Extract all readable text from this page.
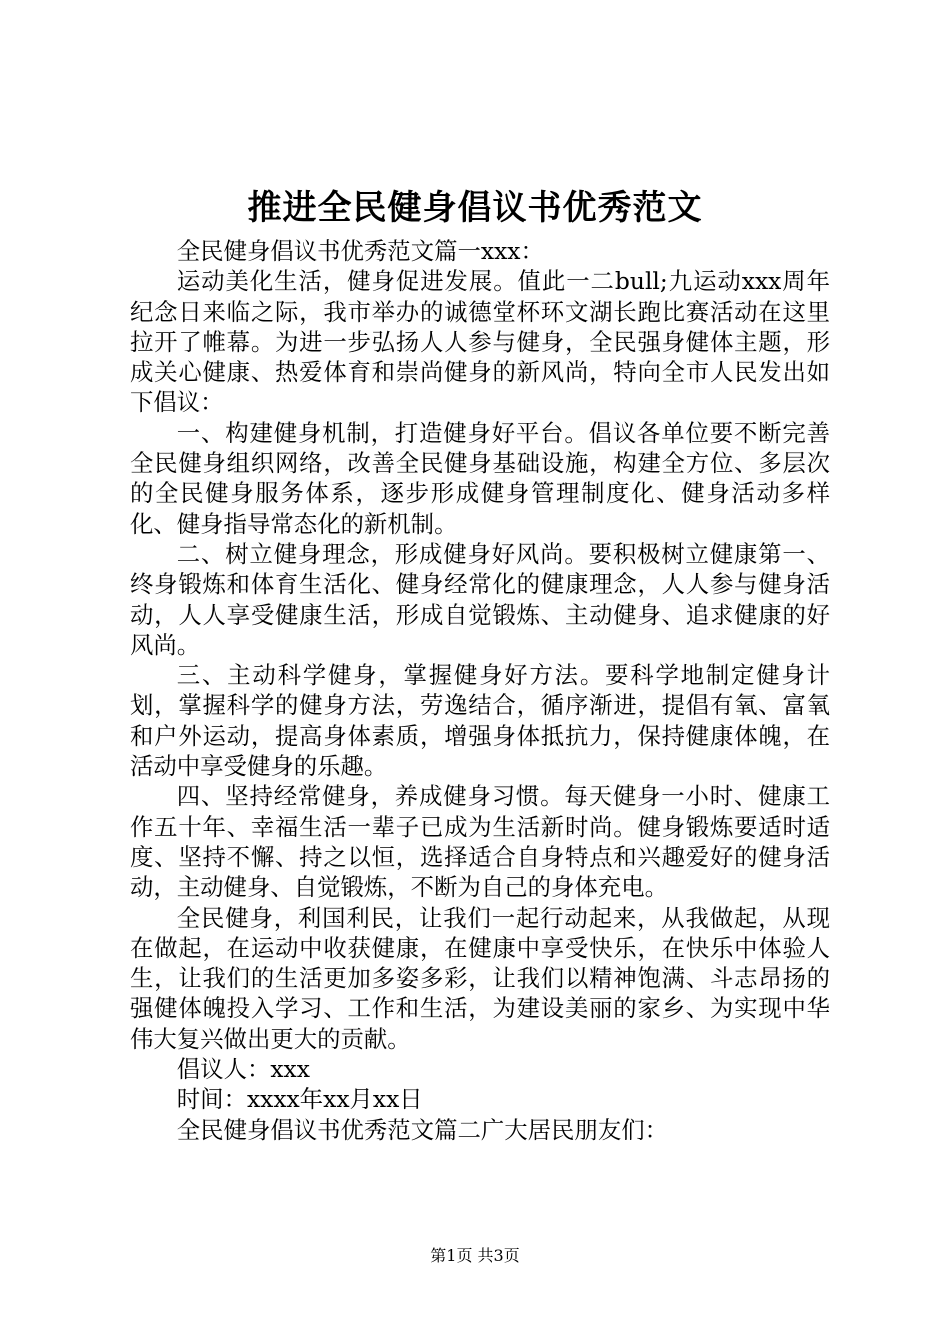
推进全民健身倡议书优秀范文

全民健身倡议书优秀范文篇一xxx：

运动美化生活，健身促进发展。值此一二bull;九运动xxx周年纪念日来临之际，我市举办的诚德堂杯环文湖长跑比赛活动在这里拉开了帷幕。为进一步弘扬人人参与健身，全民强身健体主题，形成关心健康、热爱体育和崇尚健身的新风尚，特向全市人民发出如下倡议：

一、构建健身机制，打造健身好平台。倡议各单位要不断完善全民健身组织网络，改善全民健身基础设施，构建全方位、多层次的全民健身服务体系，逐步形成健身管理制度化、健身活动多样化、健身指导常态化的新机制。

二、树立健身理念，形成健身好风尚。要积极树立健康第一、终身锻炼和体育生活化、健身经常化的健康理念，人人参与健身活动，人人享受健康生活，形成自觉锻炼、主动健身、追求健康的好风尚。

三、主动科学健身，掌握健身好方法。要科学地制定健身计划，掌握科学的健身方法，劳逸结合，循序渐进，提倡有氧、富氧和户外运动，提高身体素质，增强身体抵抗力，保持健康体魄，在活动中享受健身的乐趣。

四、坚持经常健身，养成健身习惯。每天健身一小时、健康工作五十年、幸福生活一辈子已成为生活新时尚。健身锻炼要适时适度、坚持不懈、持之以恒，选择适合自身特点和兴趣爱好的健身活动，主动健身、自觉锻炼，不断为自己的身体充电。

全民健身，利国利民，让我们一起行动起来，从我做起，从现在做起，在运动中收获健康，在健康中享受快乐，在快乐中体验人生，让我们的生活更加多姿多彩，让我们以精神饱满、斗志昂扬的强健体魄投入学习、工作和生活，为建设美丽的家乡、为实现中华伟大复兴做出更大的贡献。

倡议人：xxx

时间：xxxx年xx月xx日

全民健身倡议书优秀范文篇二广大居民朋友们：

第1页 共3页
